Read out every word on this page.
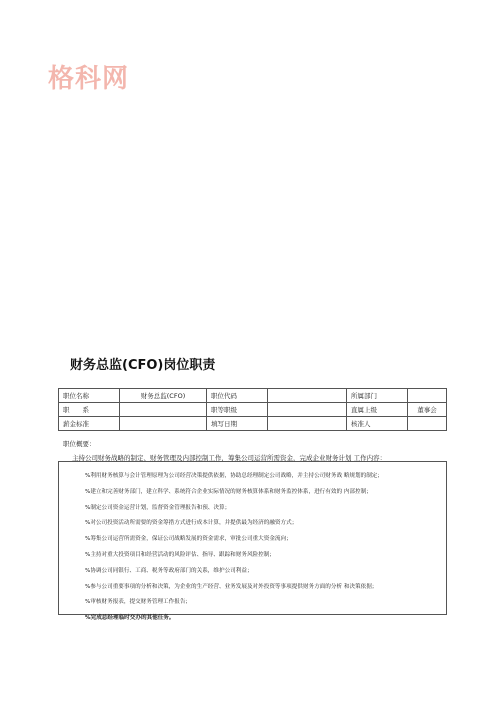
格科网
财务总监(CFO)岗位职责
职位名称	财务总监(CFO)	职位代码		所属部门	
职　　系		职等职级		直属上级	董事会
薪金标准		填写日期		核准人	
职位概要：
主持公司财务战略的制定、财务管理及内部控制工作，筹集公司运营所需资金，完成企业财务计划 工作内容：
%利用财务核算与会计管理原理为公司经营决策提供依据，协助总经理制定公司战略，并主持公司财务战 略规划的制定；
%建立和完善财务部门，建立科学、系统符合企业实际情况的财务核算体系和财务监控体系，进行有效的 内部控制；
%制定公司资金运营计划，监督资金管理报告和预、决算；
%对公司投资活动所需要的资金筹措方式进行成本计算，并提供最为经济的融资方式；
%筹集公司运营所需资金，保证公司战略发展的资金需求，审批公司重大资金流向；
%主持对重大投资项目和经营活动的风险评估、指导、跟踪和财务风险控制；
%协调公司同银行、工商、税务等政府部门的关系，维护公司利益；
%参与公司重要事项的分析和决策，为企业的生产经营、业务发展及对外投资等事项提供财务方面的分析 和决策依据；
%审核财务报表，提交财务管理工作报告；
%完成总经理临时交办的其他任务。
